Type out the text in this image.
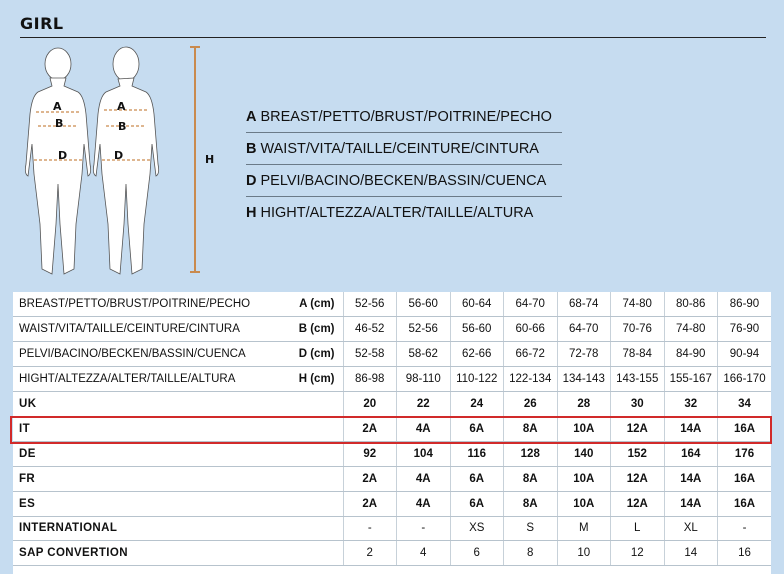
GIRL
A
B
D
A
B
D	H
A BREAST/PETTO/BRUST/POITRINE/PECHO
B WAIST/VITA/TAILLE/CEINTURE/CINTURA
D PELVI/BACINO/BECKEN/BASSIN/CUENCA
H HIGHT/ALTEZZA/ALTER/TAILLE/ALTURA
BREAST/PETTO/BRUST/POITRINE/PECHO	A (cm)	52-56	56-60	60-64	64-70	68-74	74-80	80-86	86-90
WAIST/VITA/TAILLE/CEINTURE/CINTURA	B (cm)	46-52	52-56	56-60	60-66	64-70	70-76	74-80	76-90
PELVI/BACINO/BECKEN/BASSIN/CUENCA	D (cm)	52-58	58-62	62-66	66-72	72-78	78-84	84-90	90-94
HIGHT/ALTEZZA/ALTER/TAILLE/ALTURA	H (cm)	86-98	98-110	110-122	122-134	134-143	143-155	155-167	166-170
UK		20	22	24	26	28	30	32	34
IT		2A	4A	6A	8A	10A	12A	14A	16A
DE		92	104	116	128	140	152	164	176
FR		2A	4A	6A	8A	10A	12A	14A	16A
ES		2A	4A	6A	8A	10A	12A	14A	16A
INTERNATIONAL		-	-	XS	S	M	L	XL	-
SAP CONVERTION		2	4	6	8	10	12	14	16
